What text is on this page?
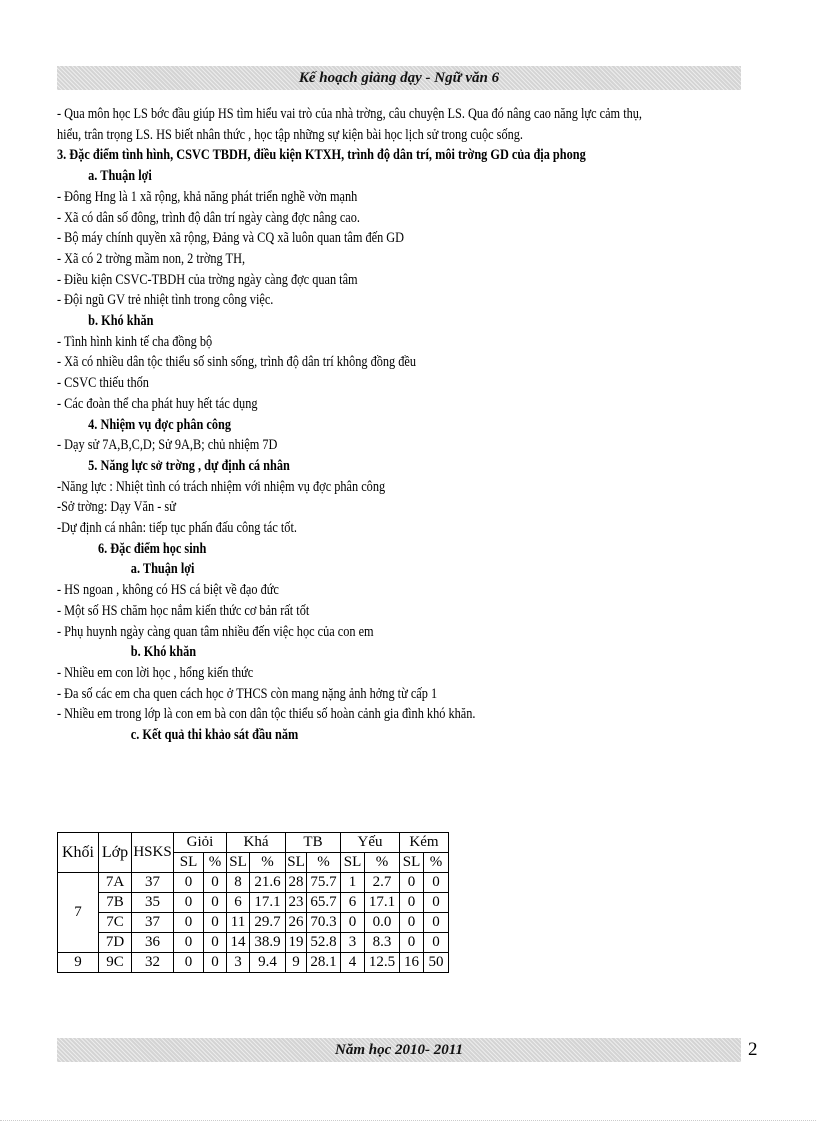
Kế hoạch giảng dạy - Ngữ văn 6

- Qua môn học LS bớc đầu giúp HS tìm hiểu vai trò của nhà trờng, câu chuyện LS. Qua đó nâng cao năng lực cảm thụ,

hiểu, trân trọng LS. HS biết nhân thức , học tập những sự kiện bài học lịch sử trong cuộc sống.

3. Đặc điểm tình hình, CSVC TBDH, điều kiện KTXH, trình độ dân trí, môi trờng GD của địa phong

a. Thuận lợi

- Đông Hng là 1 xã rộng, khả năng phát triển nghề vờn mạnh

- Xã có dân số đông, trình độ dân trí ngày càng đợc nâng cao.

- Bộ máy chính quyền xã rộng, Đảng và CQ xã luôn quan tâm đến GD

- Xã có 2 trờng mầm non, 2 trờng TH,

- Điều kiện CSVC-TBDH của trờng ngày càng đợc quan tâm

- Đội ngũ GV trẻ nhiệt tình trong công việc.

b. Khó khăn

- Tình hình kinh tế cha đồng bộ

- Xã có nhiều dân tộc thiểu số sinh sống, trình độ dân trí không đồng đều

- CSVC thiếu thốn

- Các đoàn thể cha phát huy hết tác dụng

4. Nhiệm vụ đợc phân công

- Dạy sử 7A,B,C,D; Sử 9A,B; chủ nhiệm 7D

5. Năng lực sở trờng , dự định cá nhân

-Năng lực : Nhiệt tình có trách nhiệm với nhiệm vụ đợc phân công

-Sở trờng: Dạy Văn - sử

-Dự định cá nhân: tiếp tục phấn đấu công tác tốt.

6. Đặc điểm học sinh

a. Thuận lợi

- HS ngoan , không có HS cá biệt về đạo đức

- Một số HS chăm học nắm kiến thức cơ bản rất tốt

- Phụ huynh ngày càng quan tâm nhiều đến việc học của con em

b. Khó khăn

- Nhiều em con lời học , hổng kiến thức

- Đa số các em cha quen cách học ở THCS còn mang nặng ảnh hởng từ cấp 1

- Nhiều em trong lớp là con em bà con dân tộc thiểu số hoàn cảnh gia đình khó khăn.

c. Kết quả thi khảo sát đầu năm

Khối	Lớp	HSKS	Giỏi		Khá		TB		Yếu		Kém	
			SL	%	SL	%	SL	%	SL	%	SL	%
7	7A	37	0	0	8	21.6	28	75.7	1	2.7	0	0
	7B	35	0	0	6	17.1	23	65.7	6	17.1	0	0
	7C	37	0	0	11	29.7	26	70.3	0	0.0	0	0
	7D	36	0	0	14	38.9	19	52.8	3	8.3	0	0
9	9C	32	0	0	3	9.4	9	28.1	4	12.5	16	50
Năm học 2010- 2011	2
